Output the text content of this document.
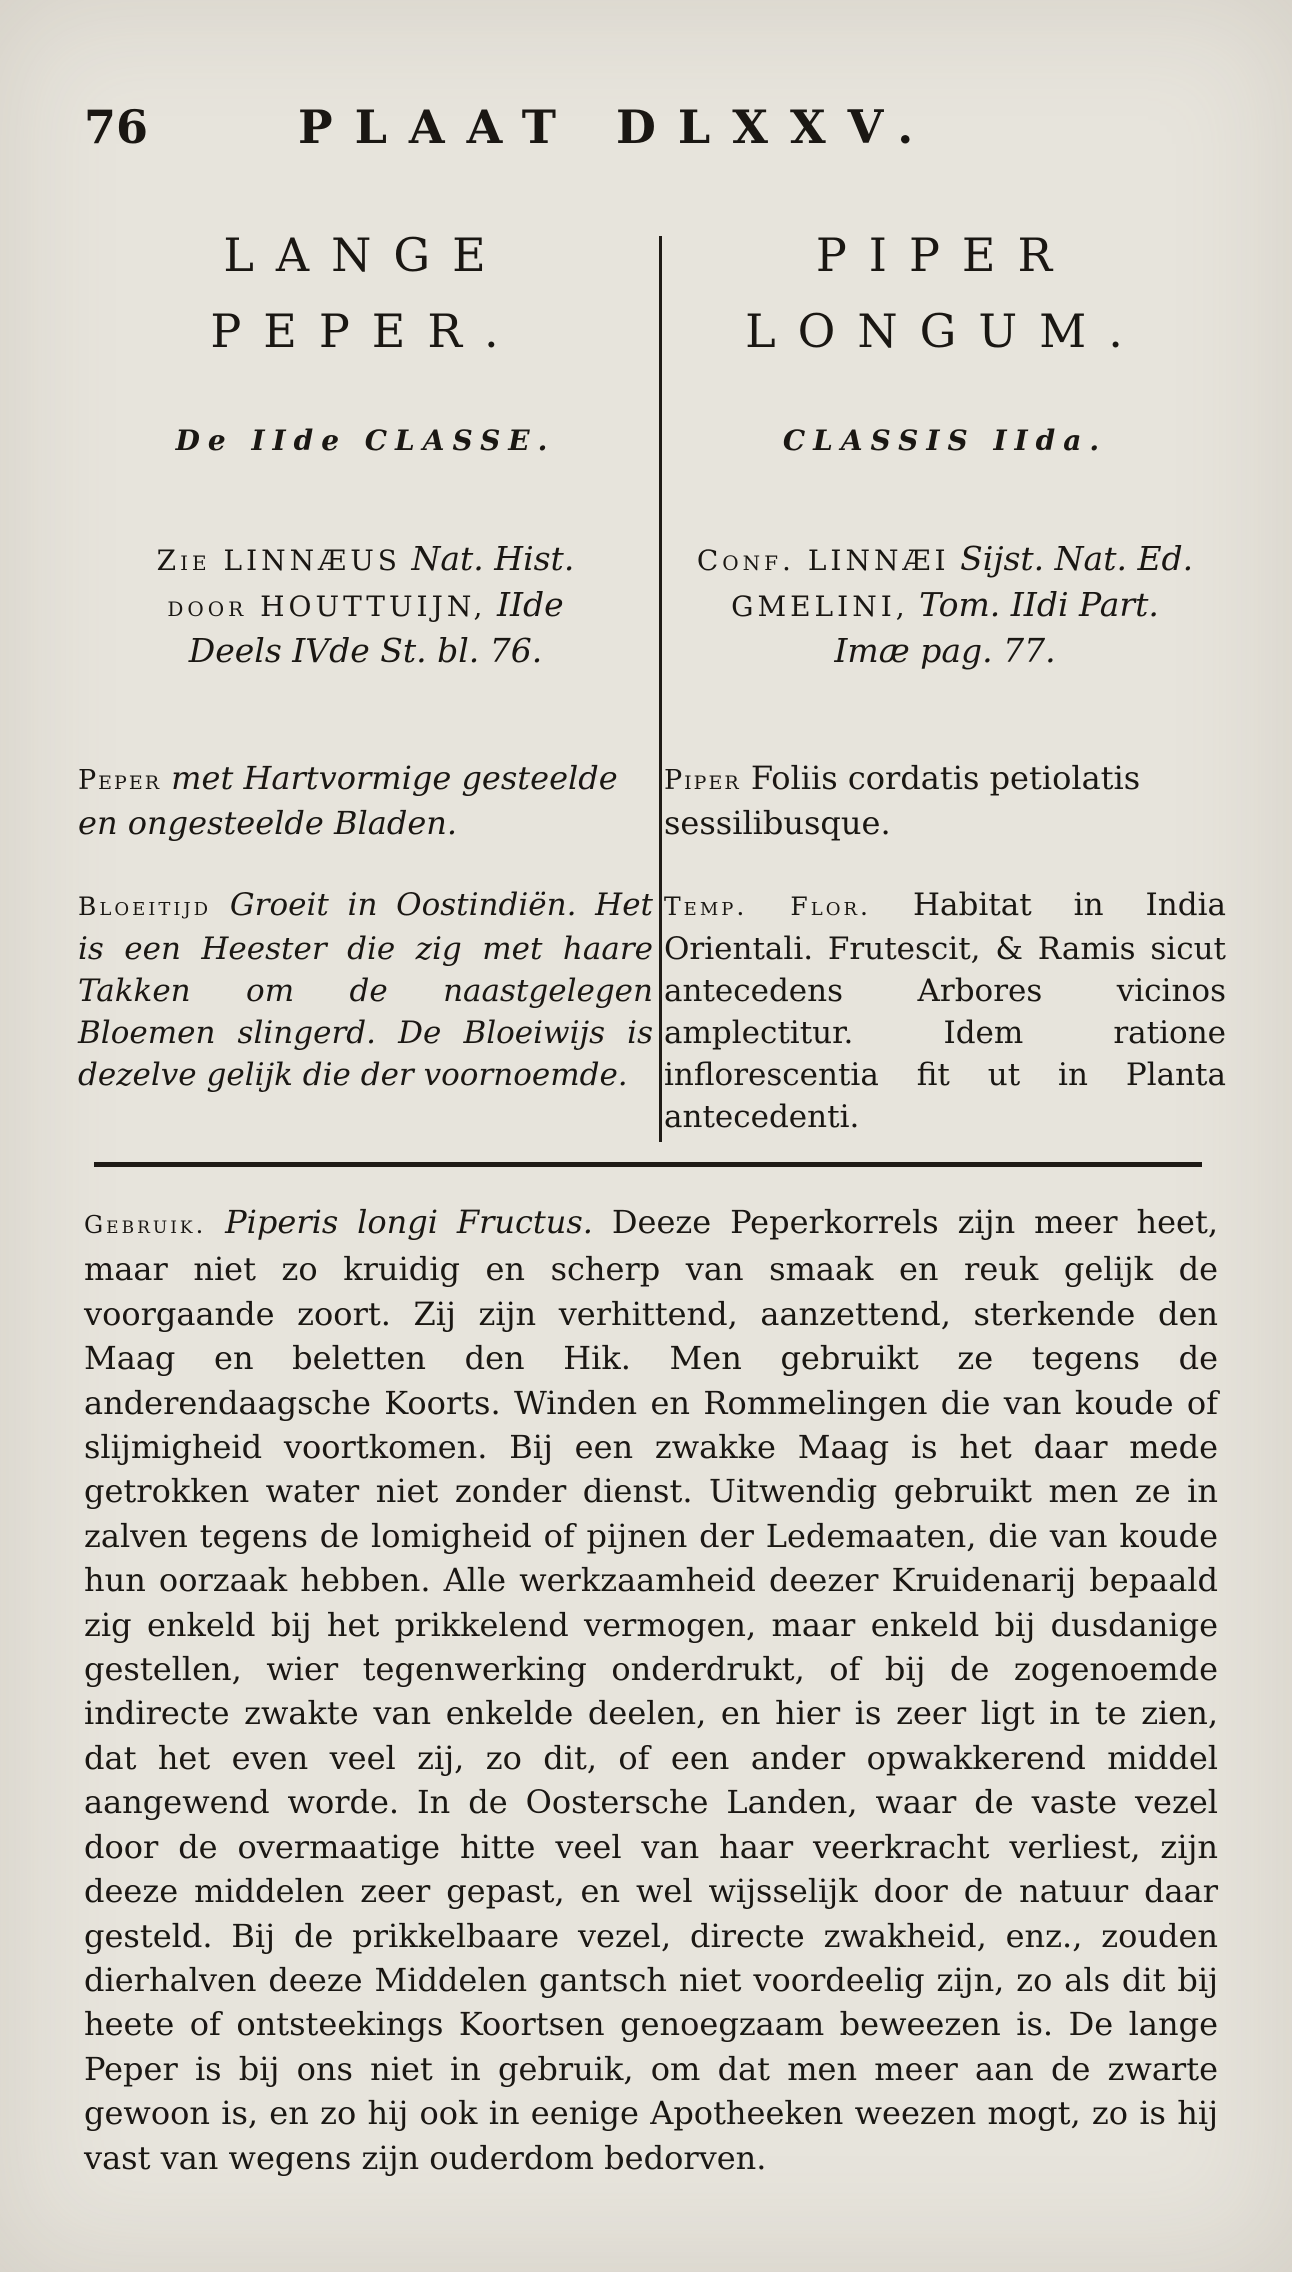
76	PLAAT DLXXV.
LANGE
PEPER.
De IIde CLASSE.
Zie LINNÆUS Nat. Hist.
door HOUTTUIJN, IIde
Deels IVde St. bl. 76.
Peper met Hartvormige gesteelde en ongesteelde Bladen.
Bloeitijd Groeit in Oostindiën. Het is een Heester die zig met haare Takken om de naastgelegen Bloemen slingerd. De Bloeiwijs is dezelve gelijk die der voornoemde.
PIPER
LONGUM.
CLASSIS IIda.
Conf. LINNÆI Sijst. Nat. Ed.
GMELINI, Tom. IIdi Part.
Imæ pag. 77.
Piper Foliis cordatis petiolatis sessilibusque.
Temp. Flor. Habitat in India Orientali. Frutescit, & Ramis sicut antecedens Arbores vicinos amplectitur. Idem ratione inflorescentia fit ut in Planta antecedenti.
Gebruik. Piperis longi Fructus. Deeze Peperkorrels zijn meer heet, maar niet zo kruidig en scherp van smaak en reuk gelijk de voorgaande zoort. Zij zijn verhittend, aanzettend, sterkende den Maag en beletten den Hik. Men gebruikt ze tegens de anderendaagsche Koorts. Winden en Rommelingen die van koude of slijmigheid voortkomen. Bij een zwakke Maag is het daar mede getrokken water niet zonder dienst. Uitwendig gebruikt men ze in zalven tegens de lomigheid of pijnen der Ledemaaten, die van koude hun oorzaak hebben. Alle werkzaamheid deezer Kruidenarij bepaald zig enkeld bij het prikkelend vermogen, maar enkeld bij dusdanige gestellen, wier tegenwerking onderdrukt, of bij de zogenoemde indirecte zwakte van enkelde deelen, en hier is zeer ligt in te zien, dat het even veel zij, zo dit, of een ander opwakkerend middel aangewend worde. In de Oostersche Landen, waar de vaste vezel door de overmaatige hitte veel van haar veerkracht verliest, zijn deeze middelen zeer gepast, en wel wijsselijk door de natuur daar gesteld. Bij de prikkelbaare vezel, directe zwakheid, enz., zouden dierhalven deeze Middelen gantsch niet voordeelig zijn, zo als dit bij heete of ontsteekings Koortsen genoegzaam beweezen is. De lange Peper is bij ons niet in gebruik, om dat men meer aan de zwarte gewoon is, en zo hij ook in eenige Apotheeken weezen mogt, zo is hij vast van wegens zijn ouderdom bedorven.
